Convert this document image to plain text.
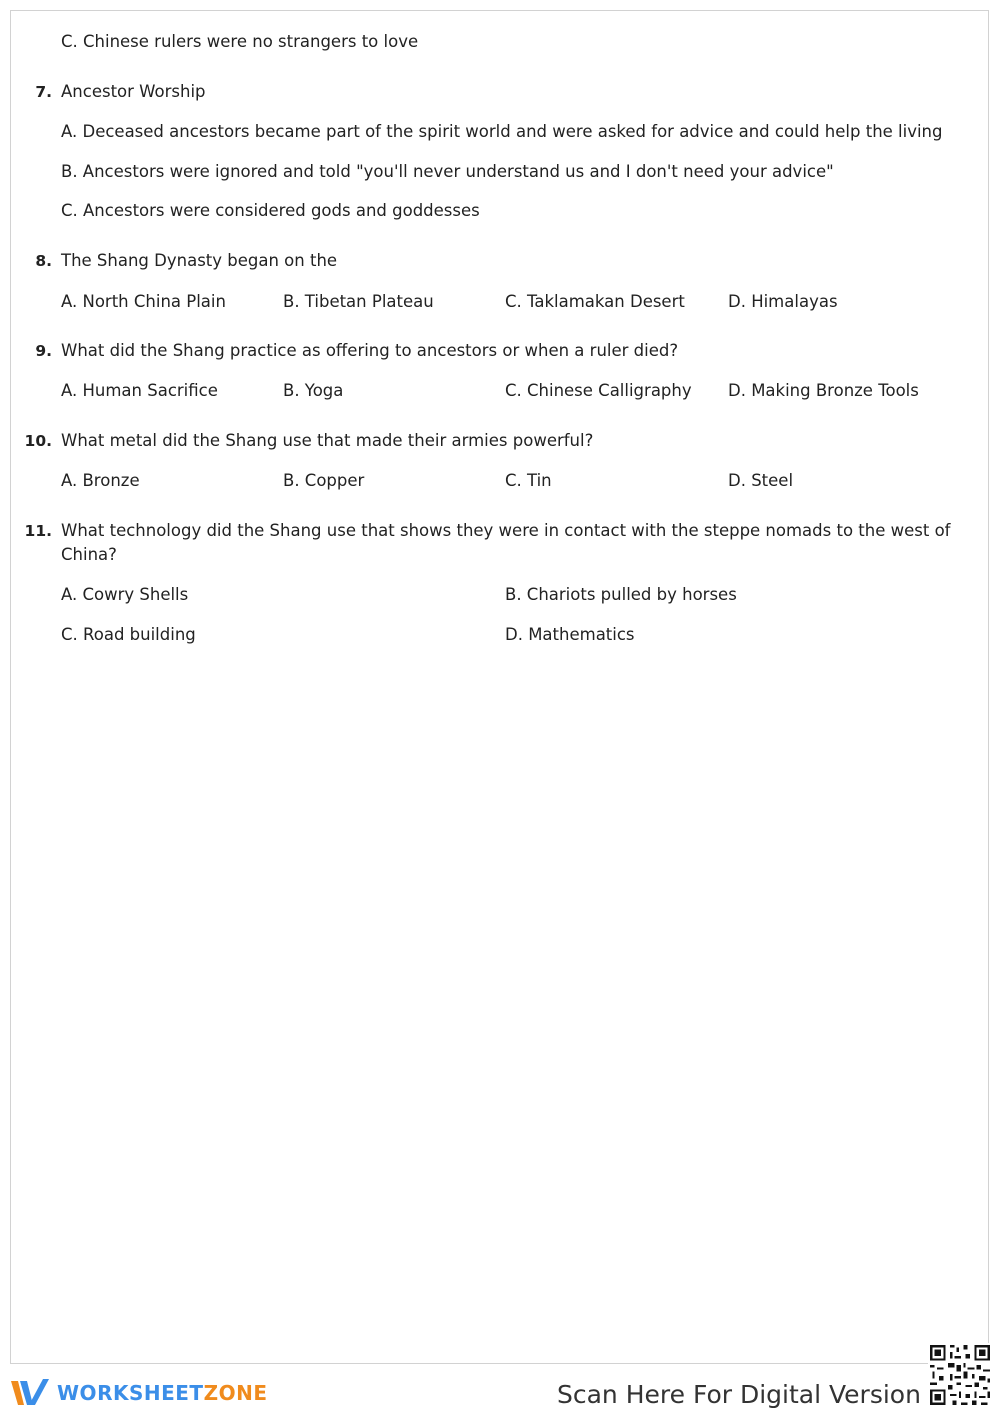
C. Chinese rulers were no strangers to love
7. Ancestor Worship
A. Deceased ancestors became part of the spirit world and were asked for advice and could help the living
B. Ancestors were ignored and told "you'll never understand us and I don't need your advice"
C. Ancestors were considered gods and goddesses
8. The Shang Dynasty began on the
A. North China Plain	B. Tibetan Plateau	C. Taklamakan Desert	D. Himalayas
9. What did the Shang practice as offering to ancestors or when a ruler died?
A. Human Sacrifice	B. Yoga	C. Chinese Calligraphy D. Making Bronze Tools
10. What metal did the Shang use that made their armies powerful?
A. Bronze	B. Copper	C. Tin	D. Steel
11. What technology did the Shang use that shows they were in contact with the steppe nomads to the west of
China?
A. Cowry Shells	B. Chariots pulled by horses
C. Road building	D. Mathematics
WORKSHEETZONE	Scan Here For Digital Version
